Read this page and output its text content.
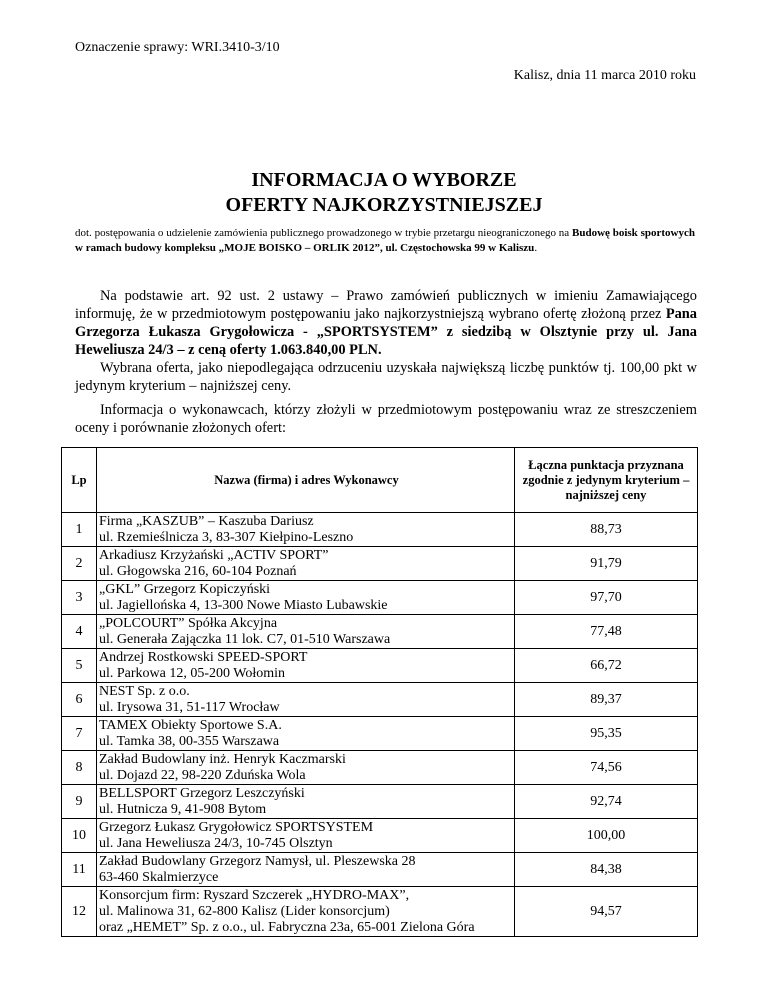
Oznaczenie sprawy: WRI.3410-3/10
Kalisz, dnia 11 marca 2010 roku
INFORMACJA O WYBORZE
OFERTY NAJKORZYSTNIEJSZEJ
dot. postępowania o udzielenie zamówienia publicznego prowadzonego w trybie przetargu nieograniczonego na Budowę boisk sportowych w ramach budowy kompleksu „MOJE BOISKO – ORLIK 2012”, ul. Częstochowska 99 w Kaliszu.

Na podstawie art. 92 ust. 2 ustawy – Prawo zamówień publicznych w imieniu Zamawiającego informuję, że w przedmiotowym postępowaniu jako najkorzystniejszą wybrano ofertę złożoną przez Pana Grzegorza Łukasza Grygołowicza - „SPORTSYSTEM” z siedzibą w Olsztynie przy ul. Jana Heweliusza 24/3 – z ceną oferty 1.063.840,00 PLN.

Wybrana oferta, jako niepodlegająca odrzuceniu uzyskała największą liczbę punktów tj. 100,00 pkt w jedynym kryterium – najniższej ceny.

Informacja o wykonawcach, którzy złożyli w przedmiotowym postępowaniu wraz ze streszczeniem oceny i porównanie złożonych ofert:

Lp	Nazwa (firma) i adres Wykonawcy	Łączna punktacja przyznana zgodnie z jedynym kryterium – najniższej ceny
1	Firma „KASZUB” – Kaszuba Dariusz
ul. Rzemieślnicza 3, 83-307 Kiełpino-Leszno	88,73
2	Arkadiusz Krzyżański „ACTIV SPORT”
ul. Głogowska 216, 60-104 Poznań	91,79
3	„GKL” Grzegorz Kopiczyński
ul. Jagiellońska 4, 13-300 Nowe Miasto Lubawskie	97,70
4	„POLCOURT” Spółka Akcyjna
ul. Generała Zajączka 11 lok. C7, 01-510 Warszawa	77,48
5	Andrzej Rostkowski SPEED-SPORT
ul. Parkowa 12, 05-200 Wołomin	66,72
6	NEST Sp. z o.o.
ul. Irysowa 31, 51-117 Wrocław	89,37
7	TAMEX Obiekty Sportowe S.A.
ul. Tamka 38, 00-355 Warszawa	95,35
8	Zakład Budowlany inż. Henryk Kaczmarski
ul. Dojazd 22, 98-220 Zduńska Wola	74,56
9	BELLSPORT Grzegorz Leszczyński
ul. Hutnicza 9, 41-908 Bytom	92,74
10	Grzegorz Łukasz Grygołowicz SPORTSYSTEM
ul. Jana Heweliusza 24/3, 10-745 Olsztyn	100,00
11	Zakład Budowlany Grzegorz Namysł, ul. Pleszewska 28
63-460 Skalmierzyce	84,38
12	Konsorcjum firm: Ryszard Szczerek „HYDRO-MAX”,
ul. Malinowa 31, 62-800 Kalisz (Lider konsorcjum)
oraz „HEMET” Sp. z o.o., ul. Fabryczna 23a, 65-001 Zielona Góra	94,57
